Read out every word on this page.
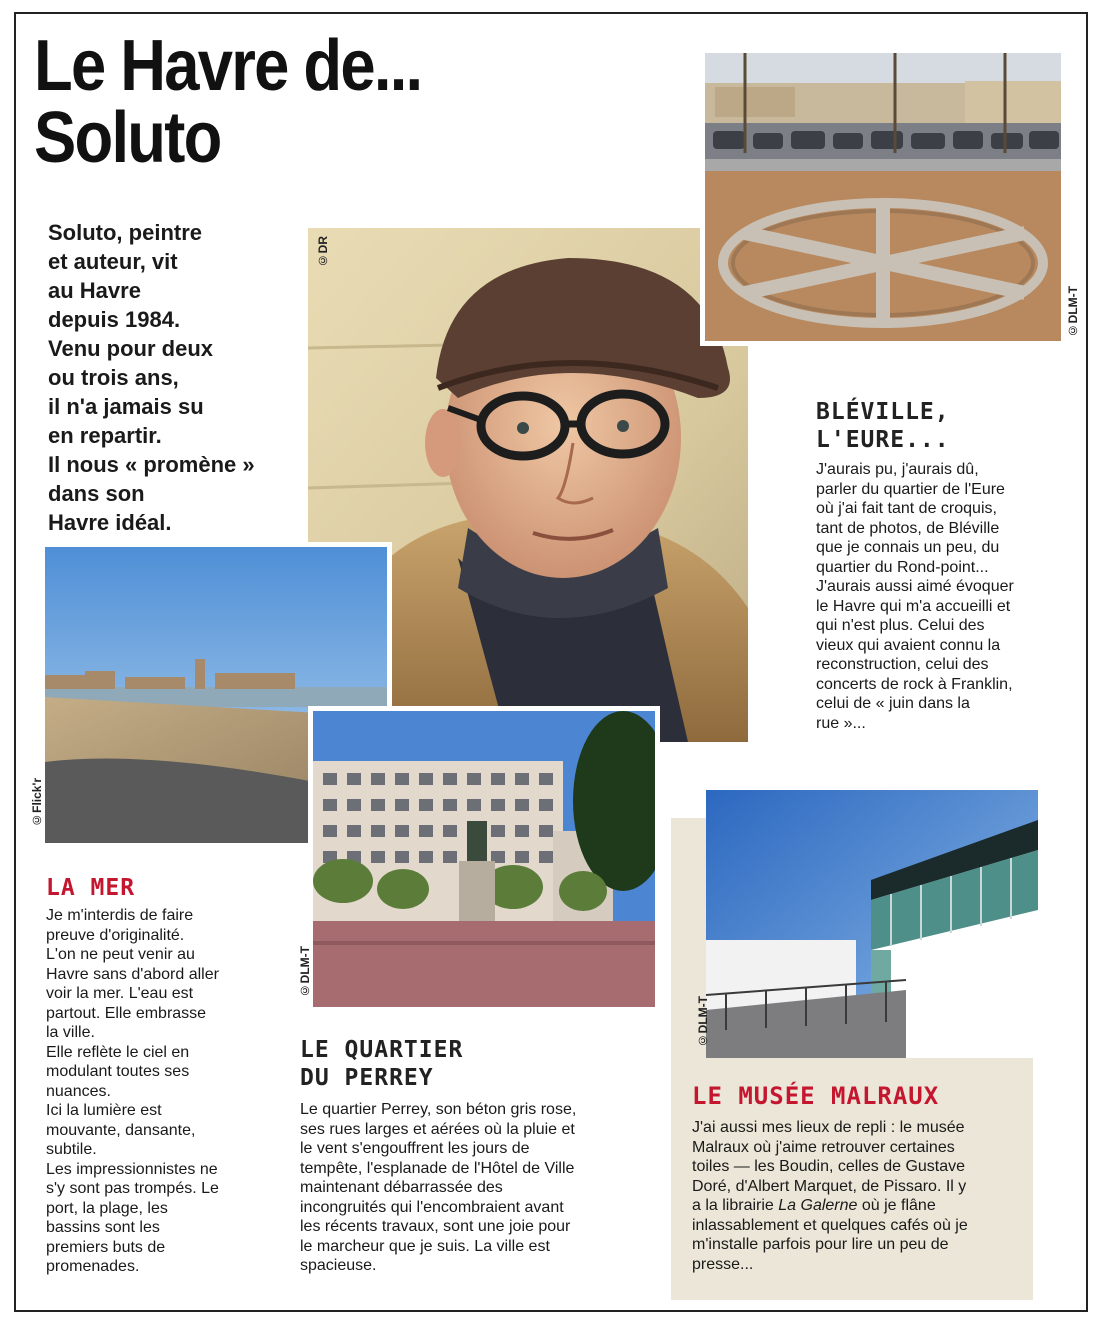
Le Havre de...
Soluto
Soluto, peintre
et auteur, vit
au Havre
depuis 1984.
Venu pour deux
ou trois ans,
il n'a jamais su
en repartir.
Il nous « promène »
dans son
Havre idéal.
©DR
©DLM-T
BLÉVILLE,
L'EURE...
J'aurais pu, j'aurais dû,
parler du quartier de l'Eure
où j'ai fait tant de croquis,
tant de photos, de Bléville
que je connais un peu, du
quartier du Rond-point...
J'aurais aussi aimé évoquer
le Havre qui m'a accueilli et
qui n'est plus. Celui des
vieux qui avaient connu la
reconstruction, celui des
concerts de rock à Franklin,
celui de « juin dans la
rue »...
©Flick'r
©DLM-T
LA MER
Je m'interdis de faire
preuve d'originalité.
L'on ne peut venir au
Havre sans d'abord aller
voir la mer. L'eau est
partout. Elle embrasse
la ville.
Elle reflète le ciel en
modulant toutes ses
nuances.
Ici la lumière est
mouvante, dansante,
subtile.
Les impressionnistes ne
s'y sont pas trompés. Le
port, la plage, les
bassins sont les
premiers buts de
promenades.
LE QUARTIER
DU PERREY
Le quartier Perrey, son béton gris rose,
ses rues larges et aérées où la pluie et
le vent s'engouffrent les jours de
tempête, l'esplanade de l'Hôtel de Ville
maintenant débarrassée des
incongruités qui l'encombraient avant
les récents travaux, sont une joie pour
le marcheur que je suis. La ville est
spacieuse.
©DLM-T
LE MUSÉE MALRAUX
J'ai aussi mes lieux de repli : le musée
Malraux où j'aime retrouver certaines
toiles — les Boudin, celles de Gustave
Doré, d'Albert Marquet, de Pissaro. Il y
a la librairie La Galerne où je flâne
inlassablement et quelques cafés où je
m'installe parfois pour lire un peu de
presse...
